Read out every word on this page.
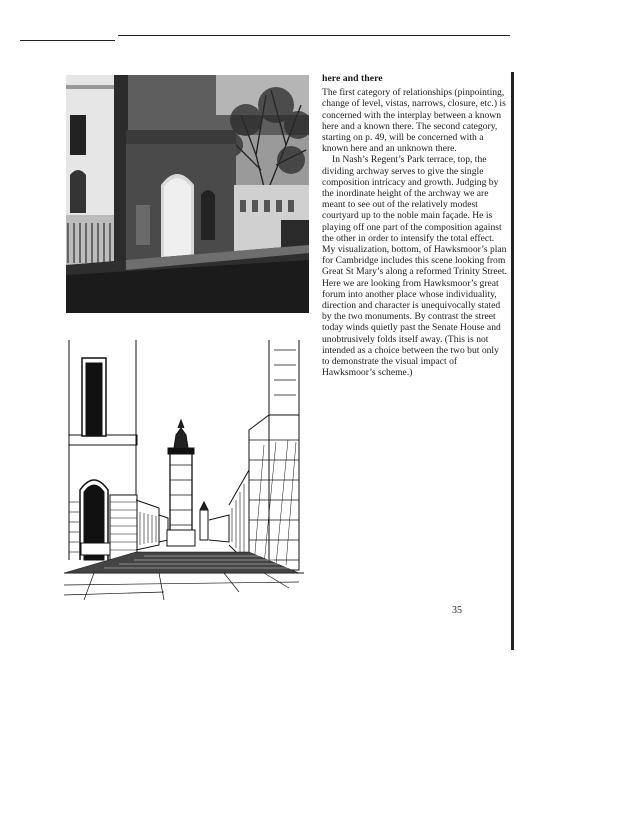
here and there

The first category of relationships (pinpointing, change of level, vistas, narrows, closure, etc.) is concerned with the interplay between a known here and a known there. The second category, starting on p. 49, will be concerned with a known here and an unknown there.

In Nash’s Regent’s Park terrace, top, the dividing archway serves to give the single composition intricacy and growth. Judging by the inordinate height of the archway we are meant to see out of the relatively modest courtyard up to the noble main façade. He is playing off one part of the composition against the other in order to intensify the total effect. My visualization, bottom, of Hawksmoor’s plan for Cambridge includes this scene looking from Great St Mary’s along a reformed Trinity Street. Here we are looking from Hawksmoor’s great forum into another place whose individuality, direction and character is unequivocally stated by the two monuments. By contrast the street today winds quietly past the Senate House and unobtrusively folds itself away. (This is not intended as a choice between the two but only to demonstrate the visual impact of Hawksmoor’s scheme.)

35
